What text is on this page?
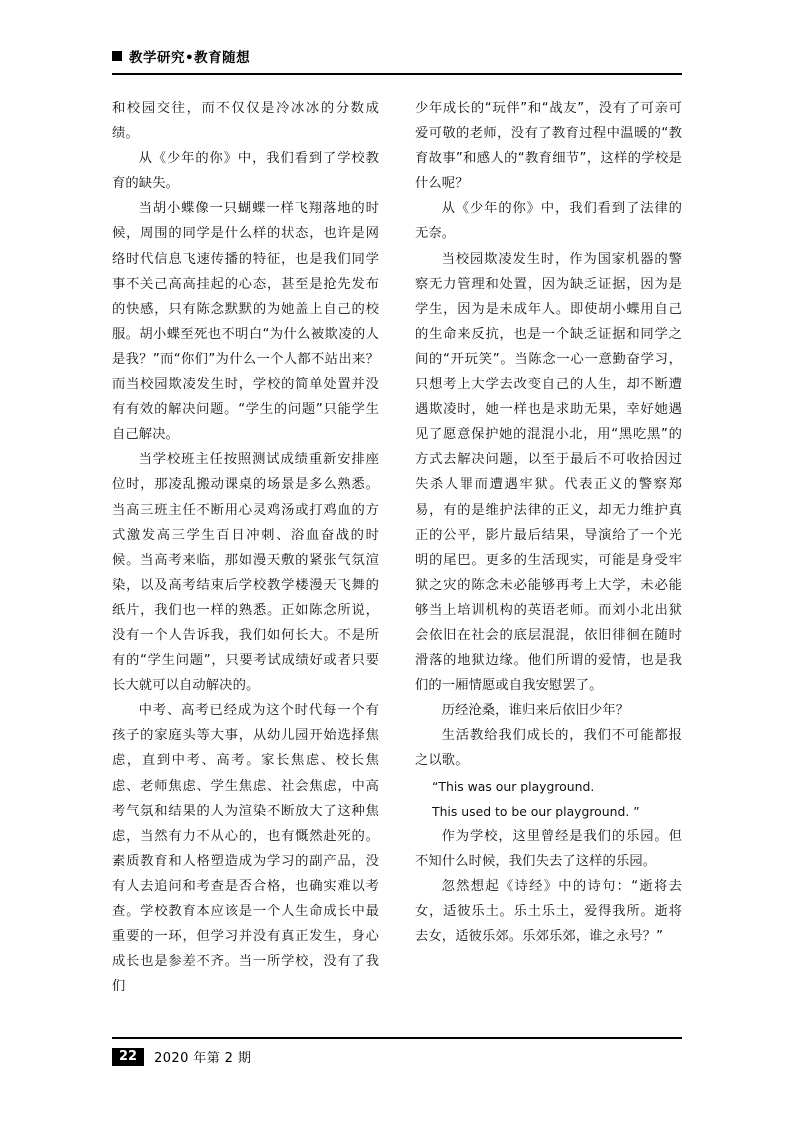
教学研究•教育随想

和校园交往，而不仅仅是冷冰冰的分数成绩。

从《少年的你》中，我们看到了学校教育的缺失。

当胡小蝶像一只蝴蝶一样飞翔落地的时候，周围的同学是什么样的状态，也许是网络时代信息飞速传播的特征，也是我们同学事不关己高高挂起的心态，甚至是抢先发布的快感，只有陈念默默的为她盖上自己的校服。胡小蝶至死也不明白“为什么被欺凌的人是我？”而“你们”为什么一个人都不站出来？而当校园欺凌发生时，学校的简单处置并没有有效的解决问题。“学生的问题”只能学生自己解决。

当学校班主任按照测试成绩重新安排座位时，那凌乱搬动课桌的场景是多么熟悉。当高三班主任不断用心灵鸡汤或打鸡血的方式激发高三学生百日冲刺、浴血奋战的时候。当高考来临，那如漫天敷的紧张气氛渲染，以及高考结束后学校教学楼漫天飞舞的纸片，我们也一样的熟悉。正如陈念所说，没有一个人告诉我，我们如何长大。不是所有的“学生问题”，只要考试成绩好或者只要长大就可以自动解决的。

中考、高考已经成为这个时代每一个有孩子的家庭头等大事，从幼儿园开始选择焦虑，直到中考、高考。家长焦虑、校长焦虑、老师焦虑、学生焦虑、社会焦虑，中高考气氛和结果的人为渲染不断放大了这种焦虑，当然有力不从心的，也有慨然赴死的。素质教育和人格塑造成为学习的副产品，没有人去追问和考查是否合格，也确实难以考查。学校教育本应该是一个人生命成长中最重要的一环，但学习并没有真正发生，身心成长也是参差不齐。当一所学校，没有了我们

少年成长的“玩伴”和“战友”，没有了可亲可爱可敬的老师，没有了教育过程中温暖的“教育故事”和感人的“教育细节”，这样的学校是什么呢？

从《少年的你》中，我们看到了法律的无奈。

当校园欺凌发生时，作为国家机器的警察无力管理和处置，因为缺乏证据，因为是学生，因为是未成年人。即使胡小蝶用自己的生命来反抗，也是一个缺乏证据和同学之间的“开玩笑”。当陈念一心一意勤奋学习，只想考上大学去改变自己的人生，却不断遭遇欺凌时，她一样也是求助无果，幸好她遇见了愿意保护她的混混小北，用“黑吃黑”的方式去解决问题，以至于最后不可收拾因过失杀人罪而遭遇牢狱。代表正义的警察郑易，有的是维护法律的正义，却无力维护真正的公平，影片最后结果，导演给了一个光明的尾巴。更多的生活现实，可能是身受牢狱之灾的陈念未必能够再考上大学，未必能够当上培训机构的英语老师。而刘小北出狱会依旧在社会的底层混混，依旧徘徊在随时滑落的地狱边缘。他们所谓的爱情，也是我们的一厢情愿或自我安慰罢了。

历经沧桑，谁归来后依旧少年？

生活教给我们成长的，我们不可能都报之以歌。

“This was our playground.

This used to be our playground. ”

作为学校，这里曾经是我们的乐园。但不知什么时候，我们失去了这样的乐园。

忽然想起《诗经》中的诗句：“逝将去女，适彼乐土。乐土乐土，爱得我所。逝将去女，适彼乐郊。乐郊乐郊，谁之永号？”

22	2020 年第 2 期
